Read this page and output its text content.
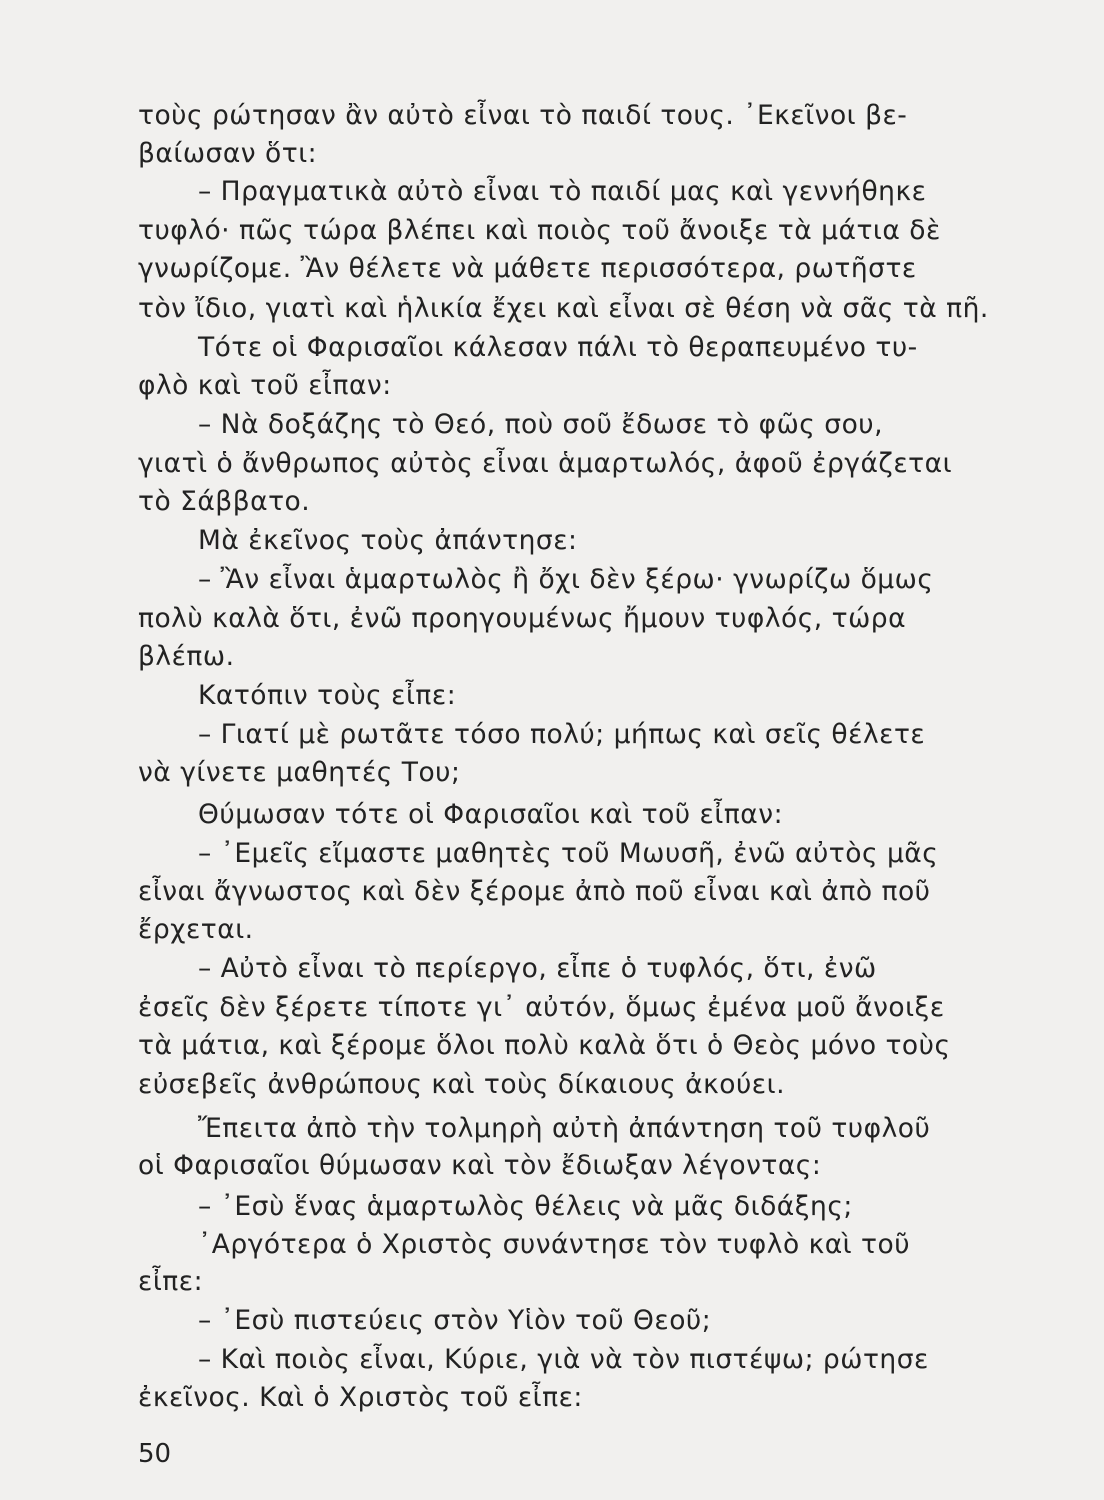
τοὺς ρώτησαν ἂν αὐτὸ εἶναι τὸ παιδί τους. ᾿Εκεῖνοι βε-
βαίωσαν ὅτι:
– Πραγματικὰ αὐτὸ εἶναι τὸ παιδί μας καὶ γεννήθηκε
τυφλό· πῶς τώρα βλέπει καὶ ποιὸς τοῦ ἄνοιξε τὰ μάτια δὲ
γνωρίζομε. Ἂν θέλετε νὰ μάθετε περισσότερα, ρωτῆστε
τὸν ἴδιο, γιατὶ καὶ ἡλικία ἔχει καὶ εἶναι σὲ θέση νὰ σᾶς τὰ πῆ.
Τότε οἱ Φαρισαῖοι κάλεσαν πάλι τὸ θεραπευμένο τυ-
φλὸ καὶ τοῦ εἶπαν:
– Νὰ δοξάζης τὸ Θεό, ποὺ σοῦ ἔδωσε τὸ φῶς σου,
γιατὶ ὁ ἄνθρωπος αὐτὸς εἶναι ἁμαρτωλός, ἀφοῦ ἐργάζεται
τὸ Σάββατο.
Μὰ ἐκεῖνος τοὺς ἀπάντησε:
– Ἂν εἶναι ἁμαρτωλὸς ἢ ὄχι δὲν ξέρω· γνωρίζω ὅμως
πολὺ καλὰ ὅτι, ἐνῶ προηγουμένως ἤμουν τυφλός, τώρα
βλέπω.
Κατόπιν τοὺς εἶπε:
– Γιατί μὲ ρωτᾶτε τόσο πολύ; μήπως καὶ σεῖς θέλετε
νὰ γίνετε μαθητές Του;
Θύμωσαν τότε οἱ Φαρισαῖοι καὶ τοῦ εἶπαν:
– ᾿Εμεῖς εἴμαστε μαθητὲς τοῦ Μωυσῆ, ἐνῶ αὐτὸς μᾶς
εἶναι ἄγνωστος καὶ δὲν ξέρομε ἀπὸ ποῦ εἶναι καὶ ἀπὸ ποῦ
ἔρχεται.
– Αὐτὸ εἶναι τὸ περίεργο, εἶπε ὁ τυφλός, ὅτι, ἐνῶ
ἐσεῖς δὲν ξέρετε τίποτε γι᾿ αὐτόν, ὅμως ἐμένα μοῦ ἄνοιξε
τὰ μάτια, καὶ ξέρομε ὅλοι πολὺ καλὰ ὅτι ὁ Θεὸς μόνο τοὺς
εὐσεβεῖς ἀνθρώπους καὶ τοὺς δίκαιους ἀκούει.
Ἔπειτα ἀπὸ τὴν τολμηρὴ αὐτὴ ἀπάντηση τοῦ τυφλοῦ
οἱ Φαρισαῖοι θύμωσαν καὶ τὸν ἔδιωξαν λέγοντας:
– ᾿Εσὺ ἕνας ἁμαρτωλὸς θέλεις νὰ μᾶς διδάξης;
᾿Αργότερα ὁ Χριστὸς συνάντησε τὸν τυφλὸ καὶ τοῦ
εἶπε:
– ᾿Εσὺ πιστεύεις στὸν Υἱὸν τοῦ Θεοῦ;
– Καὶ ποιὸς εἶναι, Κύριε, γιὰ νὰ τὸν πιστέψω; ρώτησε
ἐκεῖνος. Καὶ ὁ Χριστὸς τοῦ εἶπε:
50
